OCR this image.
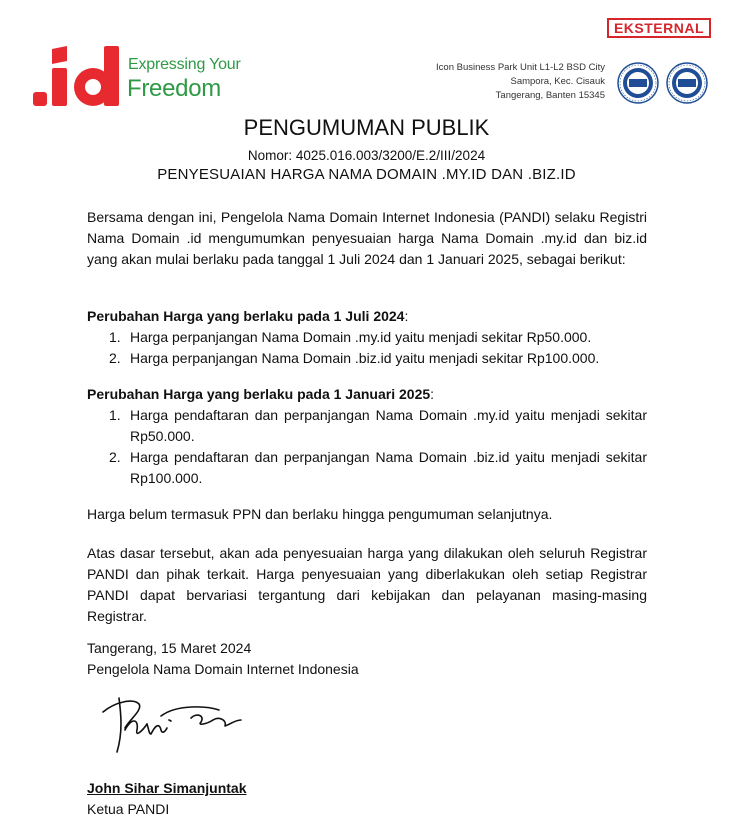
EKSTERNAL
Expressing Your
Freedom
Icon Business Park Unit L1-L2 BSD City
Sampora, Kec. Cisauk
Tangerang, Banten 15345
PENGUMUMAN PUBLIK
Nomor: 4025.016.003/3200/E.2/III/2024
PENYESUAIAN HARGA NAMA DOMAIN .MY.ID DAN .BIZ.ID

Bersama dengan ini, Pengelola Nama Domain Internet Indonesia (PANDI) selaku Registri Nama Domain .id mengumumkan penyesuaian harga Nama Domain .my.id dan biz.id yang akan mulai berlaku pada tanggal 1 Juli 2024 dan 1 Januari 2025, sebagai berikut:

Perubahan Harga yang berlaku pada 1 Juli 2024:
1. Harga perpanjangan Nama Domain .my.id yaitu menjadi sekitar Rp50.000.
2. Harga perpanjangan Nama Domain .biz.id yaitu menjadi sekitar Rp100.000.
Perubahan Harga yang berlaku pada 1 Januari 2025:
1. Harga pendaftaran dan perpanjangan Nama Domain .my.id yaitu menjadi sekitar Rp50.000.
2. Harga pendaftaran dan perpanjangan Nama Domain .biz.id yaitu menjadi sekitar Rp100.000.

Harga belum termasuk PPN dan berlaku hingga pengumuman selanjutnya.

Atas dasar tersebut, akan ada penyesuaian harga yang dilakukan oleh seluruh Registrar PANDI dan pihak terkait. Harga penyesuaian yang diberlakukan oleh setiap Registrar PANDI dapat bervariasi tergantung dari kebijakan dan pelayanan masing-masing Registrar.

Tangerang, 15 Maret 2024
Pengelola Nama Domain Internet Indonesia
John Sihar Simanjuntak
Ketua PANDI
